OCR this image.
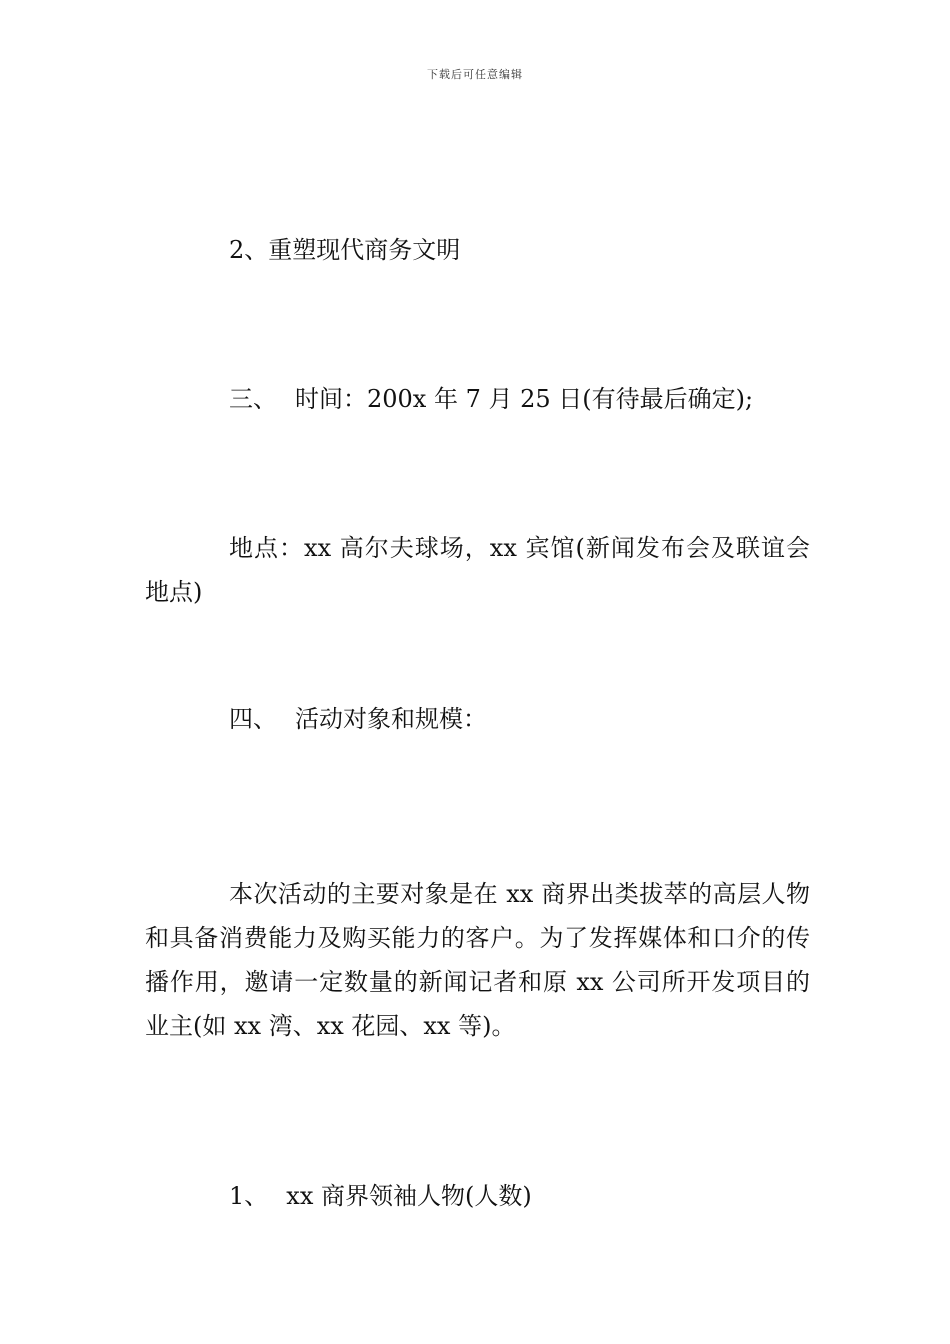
下载后可任意编辑

2、重塑现代商务文明

三、 时间：200x 年 7 月 25 日(有待最后确定);

地点：xx 高尔夫球场，xx 宾馆(新闻发布会及联谊会地点)

四、 活动对象和规模：

本次活动的主要对象是在 xx 商界出类拔萃的高层人物和具备消费能力及购买能力的客户。为了发挥媒体和口介的传播作用，邀请一定数量的新闻记者和原 xx 公司所开发项目的业主(如 xx 湾、xx 花园、xx 等)。

1、 xx 商界领袖人物(人数)
